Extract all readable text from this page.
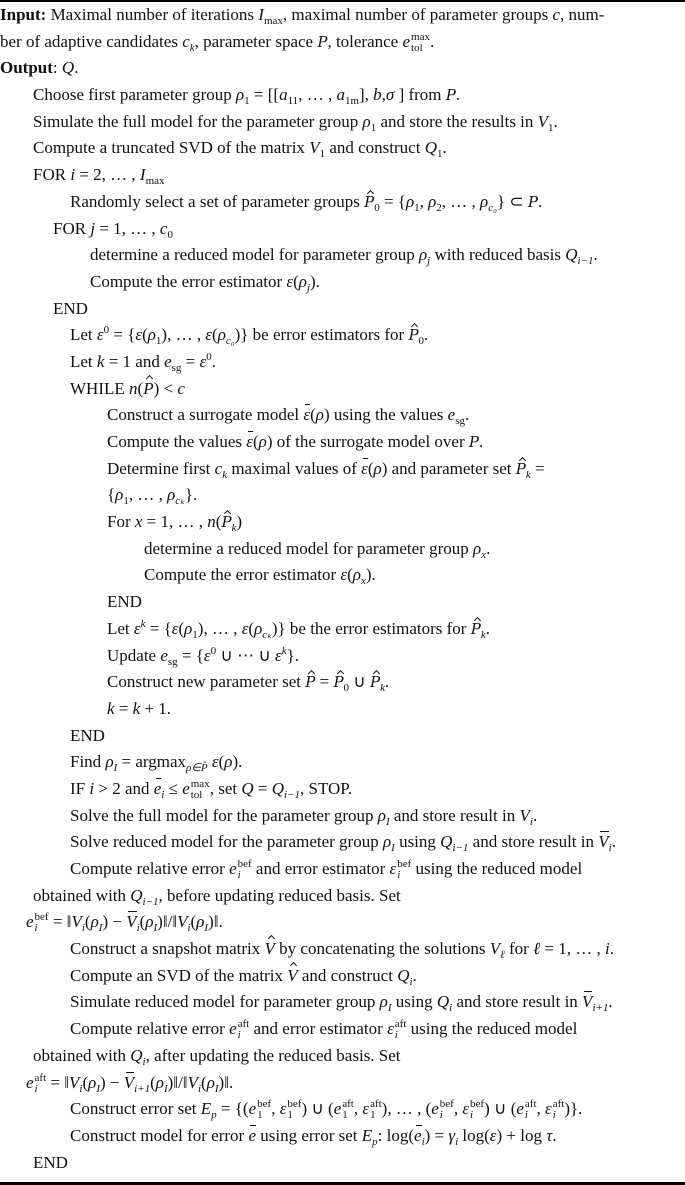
Input: Maximal number of iterations $I_{max}$, maximal number of parameter groups c, num-
ber of adaptive candidates $c_k$, parameter space P, tolerance e max
tol .
Output: Q.
Choose first parameter group $\rho_1 = [[a_{11}$, … , $a_{1m}$], b,σ ] from P.
Simulate the full model for the parameter group $\rho_1$ and store the results in $V_1$.
Compute a truncated SVD of the matrix $V_1$ and construct $Q_1$.
FOR i = 2, … , $I_{max}$
Randomly select a set of parameter groups $P_0 = \{\rho_1$, $\rho_2$, … , $\rho_{c_0}$} ⊂ P.
FOR j = 1, … , $c_0$
determine a reduced model for parameter group $\rho_j$ with reduced basis $Q_{i-1}$.
Compute the error estimator $\varepsilon(\rho_j)$.
END
Let $\varepsilon^0 = \{\varepsilon(\rho_1)$, … , $\varepsilon(\rho_{c_0})$} be error estimators for $P_0$.
Let k = 1 and $e_{sg} = \varepsilon^0$.
WHILE n(P) < c
Construct a surrogate model ε(ρ) using the values $e_{sg}$.
Compute the values ε(ρ) of the surrogate model over P.
Determine first $c_k$ maximal values of ε(ρ) and parameter set $P_k$ =
{$\rho_1$, … , $\rho_{c_k}$}.
For x = 1, … , $n(P_k)$
determine a reduced model for parameter group $\rho_x$.
Compute the error estimator $\varepsilon(\rho_x)$.
END
Let $\varepsilon^k = \{\varepsilon(\rho_1)$, … , $\varepsilon(\rho_{c_k})$} be the error estimators for $P_k$.
Update $e_{sg} = \{\varepsilon^0$ ∪ ⋯ ∪ $\varepsilon^k$}.
Construct new parameter set $P = P_0$ ∪ $P_k$.
k = k + 1.
END
Find $\rho_I = argmax_{\rho\in P̂}$ ε(ρ).
IF i > 2 and $e_i \le e$ max
tol , set $Q = Q_{i-1}$, STOP.
Solve the full model for the parameter group $\rho_I$ and store result in $V_i$.
Solve reduced model for the parameter group $\rho_I$ using $Q_{i-1}$ and store result in $V_i$.
Compute relative error e bef
i and error estimator ε bef
i using the reduced model
obtained with $Q_{i-1}$, before updating reduced basis. Set
e bef
$i = ‖V_i(\rho_I)$ − $V_i(\rho_I)‖/‖V_i(\rho_I)‖$.
Construct a snapshot matrix V by concatenating the solutions $V_\ell$ for ℓ = 1, … , i.
Compute an SVD of the matrix V and construct $Q_i$.
Simulate reduced model for parameter group $\rho_I$ using $Q_i$ and store result in $V_{i+1}$.
Compute relative error e aft
i and error estimator ε aft
i using the reduced model
obtained with $Q_i$, after updating the reduced basis. Set
e aft
$i = ‖V_i(\rho_I)$ − $V_{i+1}(\rho_I)‖/‖V_i(\rho_I)‖$.
Construct error set $E_p = \{(e$ bef
1 , ε bef
1 ) ∪ (e aft
1 , ε aft
1 ), … , (e bef
i , ε bef
i ) ∪ (e aft
i , ε aft
i )}.
Construct model for error e using error set $E_p$: $\log(e_i) = \gamma_i$ log(ε) + log τ.
END
